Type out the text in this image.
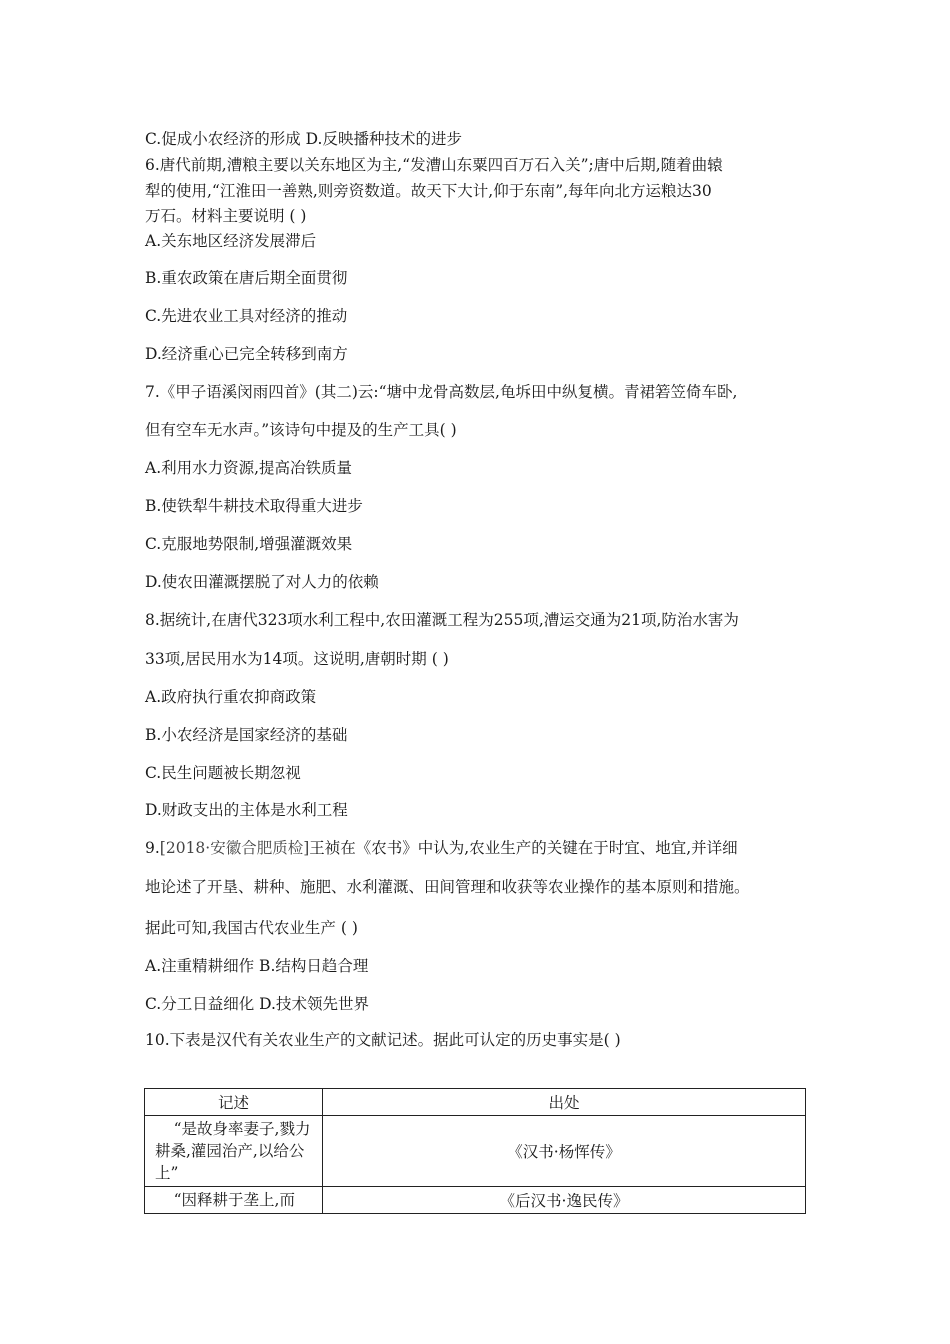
C.促成小农经济的形成 D.反映播种技术的进步
6.唐代前期,漕粮主要以关东地区为主,“发漕山东粟四百万石入关”;唐中后期,随着曲辕
犁的使用,“江淮田一善熟,则旁资数道。故天下大计,仰于东南”,每年向北方运粮达30
万石。材料主要说明 ( )
A.关东地区经济发展滞后
B.重农政策在唐后期全面贯彻
C.先进农业工具对经济的推动
D.经济重心已完全转移到南方
7.《甲子语溪闵雨四首》(其二)云:“塘中龙骨高数层,龟坼田中纵复横。青裙箬笠倚车卧,
但有空车无水声。”该诗句中提及的生产工具( )
A.利用水力资源,提高冶铁质量
B.使铁犁牛耕技术取得重大进步
C.克服地势限制,增强灌溉效果
D.使农田灌溉摆脱了对人力的依赖
8.据统计,在唐代323项水利工程中,农田灌溉工程为255项,漕运交通为21项,防治水害为
33项,居民用水为14项。这说明,唐朝时期 ( )
A.政府执行重农抑商政策
B.小农经济是国家经济的基础
C.民生问题被长期忽视
D.财政支出的主体是水利工程
9.[2018·安徽合肥质检]王祯在《农书》中认为,农业生产的关键在于时宜、地宜,并详细
地论述了开垦、耕种、施肥、水利灌溉、田间管理和收获等农业操作的基本原则和措施。
据此可知,我国古代农业生产 ( )
A.注重精耕细作 B.结构日趋合理
C.分工日益细化 D.技术领先世界
10.下表是汉代有关农业生产的文献记述。据此可认定的历史事实是( )
记述	出处
“是故身率妻子,戮力耕桑,灌园治产,以给公上”	《汉书·杨恽传》
“因释耕于垄上,而	《后汉书·逸民传》
